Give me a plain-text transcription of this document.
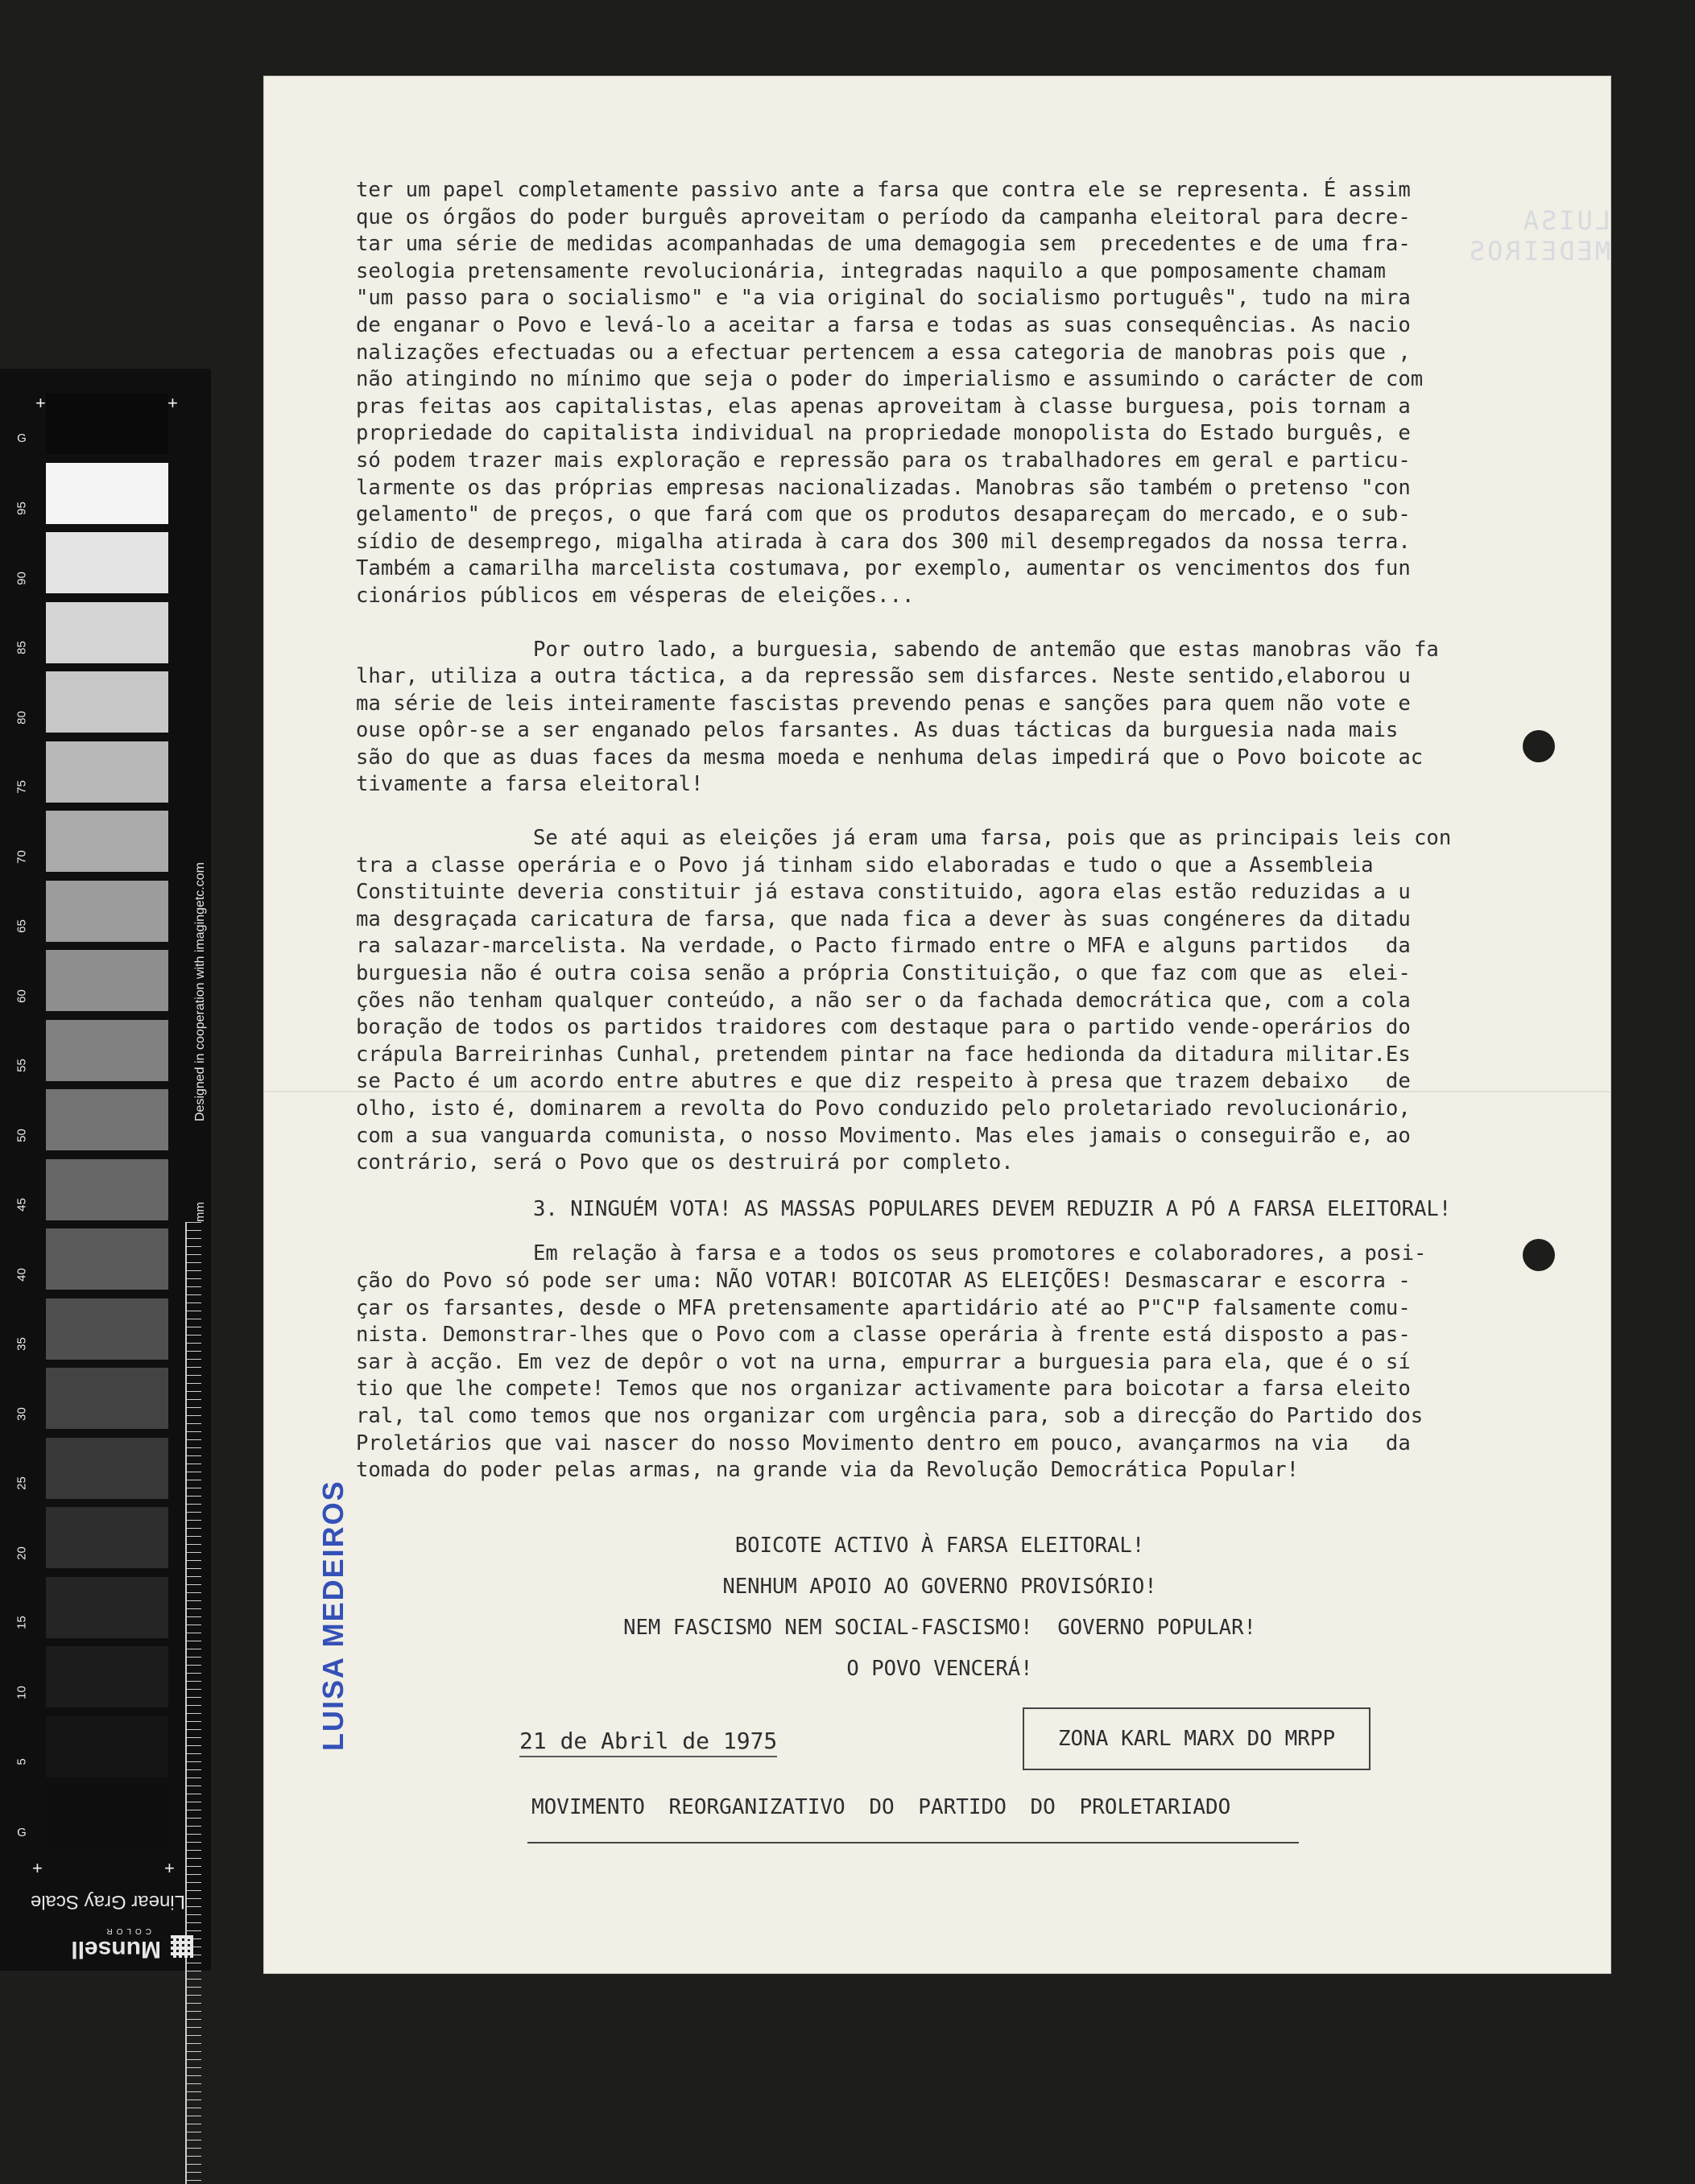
95
90
85
80
75
70
65
60
55
50
45
40
35
30
25
20
15
10
5
G
G
Designed in cooperation with imagingetc.com
mm
+	+
+	+
Linear Gray Scale
Munsell
COLOR
LUISA MEDEIROS

ter um papel completamente passivo ante a farsa que contra ele se representa. É assim

que os órgãos do poder burguês aproveitam o período da campanha eleitoral para decre-

tar uma série de medidas acompanhadas de uma demagogia sem  precedentes e de uma fra-

seologia pretensamente revolucionária, integradas naquilo a que pomposamente chamam

"um passo para o socialismo" e "a via original do socialismo português", tudo na mira

de enganar o Povo e levá-lo a aceitar a farsa e todas as suas consequências. As nacio

nalizações efectuadas ou a efectuar pertencem a essa categoria de manobras pois que ,

não atingindo no mínimo que seja o poder do imperialismo e assumindo o carácter de com

pras feitas aos capitalistas, elas apenas aproveitam à classe burguesa, pois tornam a

propriedade do capitalista individual na propriedade monopolista do Estado burguês, e

só podem trazer mais exploração e repressão para os trabalhadores em geral e particu-

larmente os das próprias empresas nacionalizadas. Manobras são também o pretenso "con

gelamento" de preços, o que fará com que os produtos desapareçam do mercado, e o sub-

sídio de desemprego, migalha atirada à cara dos 300 mil desempregados da nossa terra.

Também a camarilha marcelista costumava, por exemplo, aumentar os vencimentos dos fun

cionários públicos em vésperas de eleições...

Por outro lado, a burguesia, sabendo de antemão que estas manobras vão fa

lhar, utiliza a outra táctica, a da repressão sem disfarces. Neste sentido,elaborou u

ma série de leis inteiramente fascistas prevendo penas e sanções para quem não vote e

ouse opôr-se a ser enganado pelos farsantes. As duas tácticas da burguesia nada mais

são do que as duas faces da mesma moeda e nenhuma delas impedirá que o Povo boicote ac

tivamente a farsa eleitoral!

Se até aqui as eleições já eram uma farsa, pois que as principais leis con

tra a classe operária e o Povo já tinham sido elaboradas e tudo o que a Assembleia

Constituinte deveria constituir já estava constituido, agora elas estão reduzidas a u

ma desgraçada caricatura de farsa, que nada fica a dever às suas congéneres da ditadu

ra salazar-marcelista. Na verdade, o Pacto firmado entre o MFA e alguns partidos   da

burguesia não é outra coisa senão a própria Constituição, o que faz com que as  elei-

ções não tenham qualquer conteúdo, a não ser o da fachada democrática que, com a cola

boração de todos os partidos traidores com destaque para o partido vende-operários do

crápula Barreirinhas Cunhal, pretendem pintar na face hedionda da ditadura militar.Es

se Pacto é um acordo entre abutres e que diz respeito à presa que trazem debaixo   de

olho, isto é, dominarem a revolta do Povo conduzido pelo proletariado revolucionário,

com a sua vanguarda comunista, o nosso Movimento. Mas eles jamais o conseguirão e, ao

contrário, será o Povo que os destruirá por completo.

3. NINGUÉM VOTA! AS MASSAS POPULARES DEVEM REDUZIR A PÓ A FARSA ELEITORAL!

Em relação à farsa e a todos os seus promotores e colaboradores, a posi-

ção do Povo só pode ser uma: NÃO VOTAR! BOICOTAR AS ELEIÇÕES! Desmascarar e escorra -

çar os farsantes, desde o MFA pretensamente apartidário até ao P"C"P falsamente comu-

nista. Demonstrar-lhes que o Povo com a classe operária à frente está disposto a pas-

sar à acção. Em vez de depôr o vot na urna, empurrar a burguesia para ela, que é o sí

tio que lhe compete! Temos que nos organizar activamente para boicotar a farsa eleito

ral, tal como temos que nos organizar com urgência para, sob a direcção do Partido dos

Proletários que vai nascer do nosso Movimento dentro em pouco, avançarmos na via   da

tomada do poder pelas armas, na grande via da Revolução Democrática Popular!

BOICOTE ACTIVO À FARSA ELEITORAL!

NENHUM APOIO AO GOVERNO PROVISÓRIO!

NEM FASCISMO NEM SOCIAL-FASCISMO!  GOVERNO POPULAR!

O POVO VENCERÁ!

21 de Abril de 1975	ZONA KARL MARX DO MRPP
MOVIMENTO REORGANIZATIVO DO PARTIDO DO PROLETARIADO
LUISA MEDEIROS
